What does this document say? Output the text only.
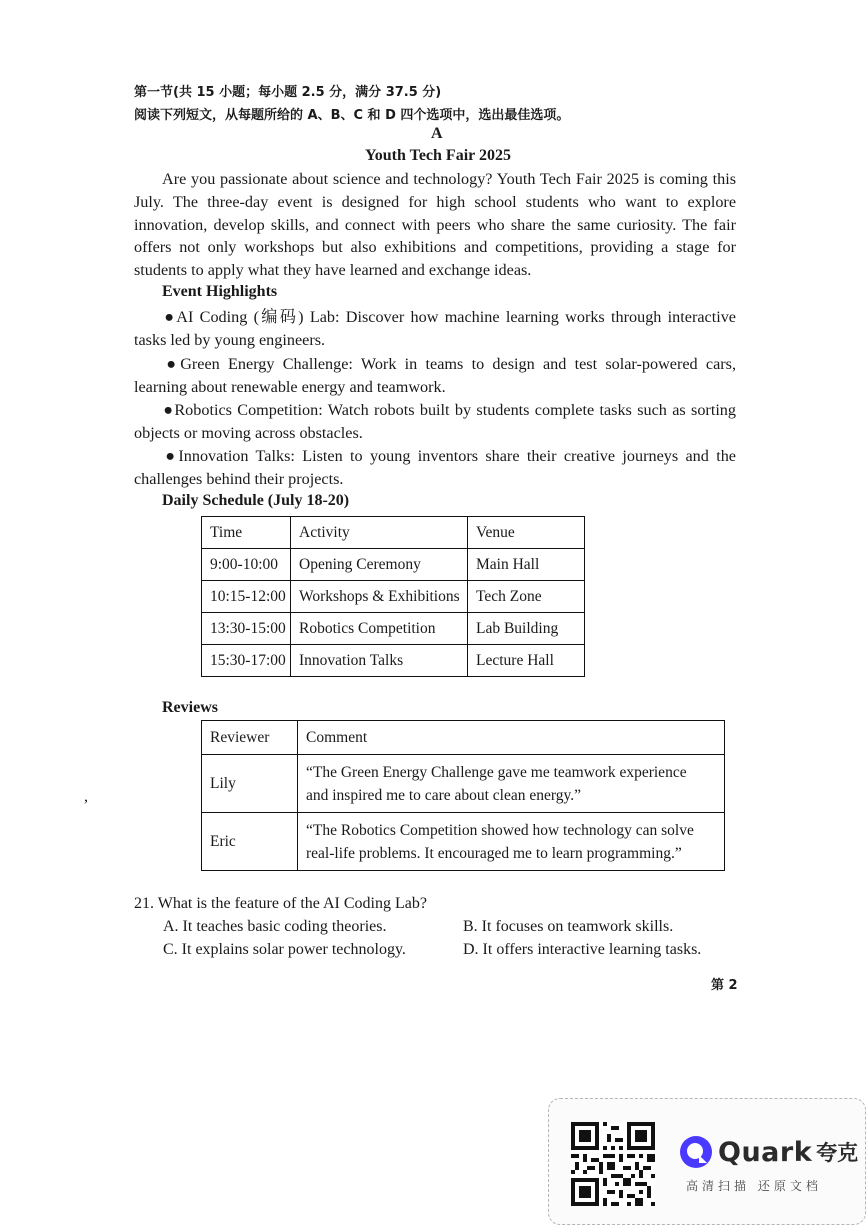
第一节(共 15 小题；每小题 2.5 分，满分 37.5 分)
阅读下列短文，从每题所给的 A、B、C 和 D 四个选项中，选出最佳选项。
A
Youth Tech Fair 2025
Are you passionate about science and technology? Youth Tech Fair 2025 is coming this July. The three-day event is designed for high school students who want to explore innovation, develop skills, and connect with peers who share the same curiosity. The fair offers not only workshops but also exhibitions and competitions, providing a stage for students to apply what they have learned and exchange ideas.
Event Highlights
●AI Coding (编码) Lab: Discover how machine learning works through interactive tasks led by young engineers.
●Green Energy Challenge: Work in teams to design and test solar-powered cars, learning about renewable energy and teamwork.
●Robotics Competition: Watch robots built by students complete tasks such as sorting objects or moving across obstacles.
●Innovation Talks: Listen to young inventors share their creative journeys and the challenges behind their projects.
Daily Schedule (July 18-20)
Time	Activity	Venue
9:00-10:00	Opening Ceremony	Main Hall
10:15-12:00	Workshops & Exhibitions	Tech Zone
13:30-15:00	Robotics Competition	Lab Building
15:30-17:00	Innovation Talks	Lecture Hall
Reviews
,
Reviewer	Comment
Lily	“The Green Energy Challenge gave me teamwork experience and inspired me to care about clean energy.”
Eric	“The Robotics Competition showed how technology can solve real-life problems. It encouraged me to learn programming.”
21. What is the feature of the AI Coding Lab?
A. It teaches basic coding theories.	B. It focuses on teamwork skills.
C. It explains solar power technology.	D. It offers interactive learning tasks.
第 2
Quark 夸克
高清扫描 还原文档
